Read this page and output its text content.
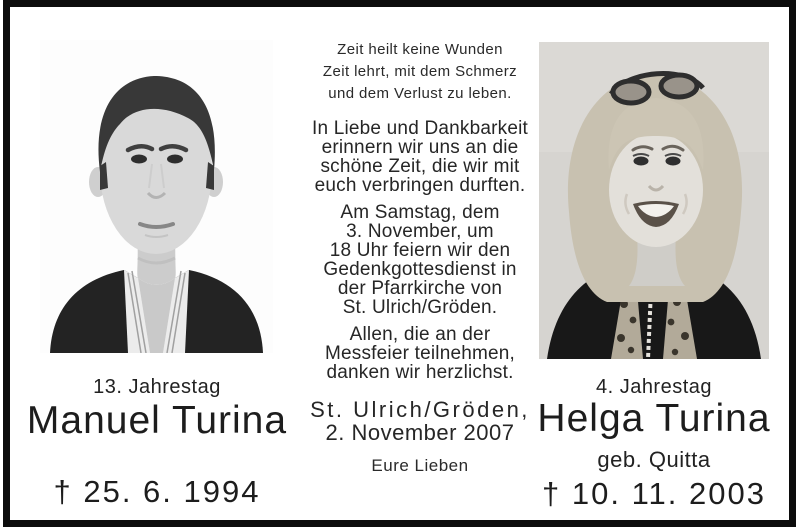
Zeit heilt keine Wunden
Zeit lehrt, mit dem Schmerz
und dem Verlust zu leben.
In Liebe und Dankbarkeit
erinnern wir uns an die
schöne Zeit, die wir mit
euch verbringen durften.
Am Samstag, dem
3. November, um
18 Uhr feiern wir den
Gedenkgottesdienst in
der Pfarrkirche von
St. Ulrich/Gröden.
Allen, die an der
Messfeier teilnehmen,
danken wir herzlichst.
St. Ulrich/Gröden,
2. November 2007
Eure Lieben
13. Jahrestag
Manuel Turina
† 25. 6. 1994
4. Jahrestag
Helga Turina
geb. Quitta
† 10. 11. 2003
